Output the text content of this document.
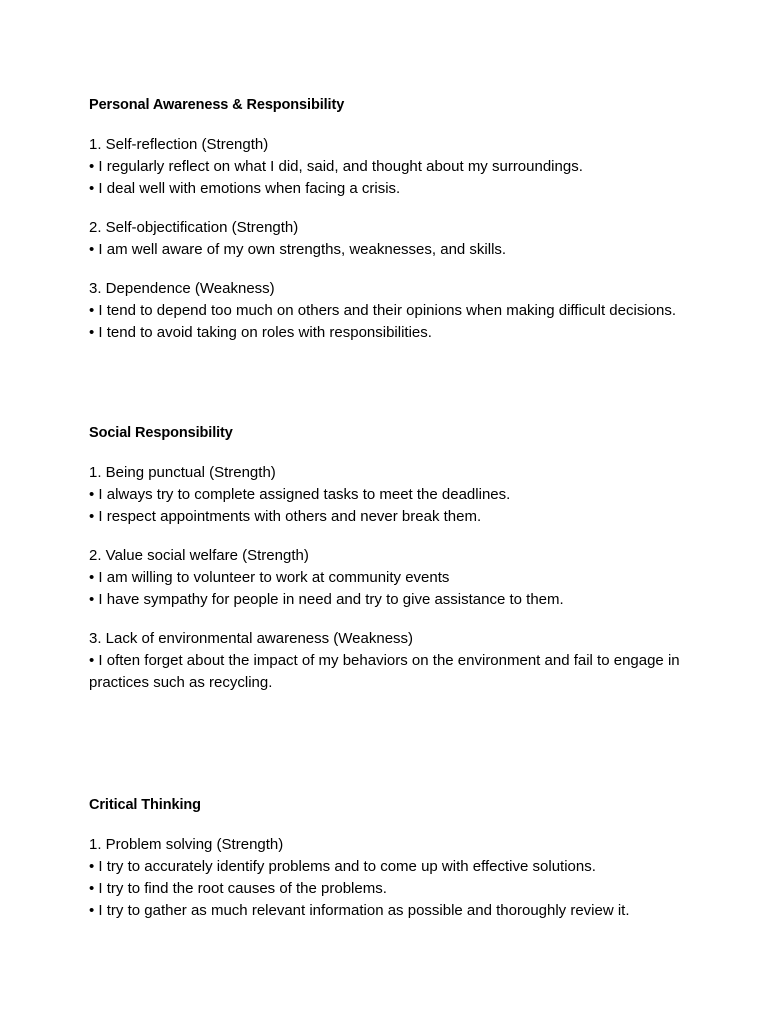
Personal Awareness & Responsibility

1. Self-reflection (Strength)

• I regularly reflect on what I did, said, and thought about my surroundings.

• I deal well with emotions when facing a crisis.

2. Self-objectification (Strength)

• I am well aware of my own strengths, weaknesses, and skills.

3. Dependence (Weakness)

• I tend to depend too much on others and their opinions when making difficult decisions.

• I tend to avoid taking on roles with responsibilities.

Social Responsibility

1. Being punctual (Strength)

• I always try to complete assigned tasks to meet the deadlines.

• I respect appointments with others and never break them.

2. Value social welfare (Strength)

• I am willing to volunteer to work at community events

• I have sympathy for people in need and try to give assistance to them.

3. Lack of environmental awareness (Weakness)

• I often forget about the impact of my behaviors on the environment and fail to engage in practices such as recycling.

Critical Thinking

1. Problem solving (Strength)

• I try to accurately identify problems and to come up with effective solutions.

• I try to find the root causes of the problems.

• I try to gather as much relevant information as possible and thoroughly review it.
